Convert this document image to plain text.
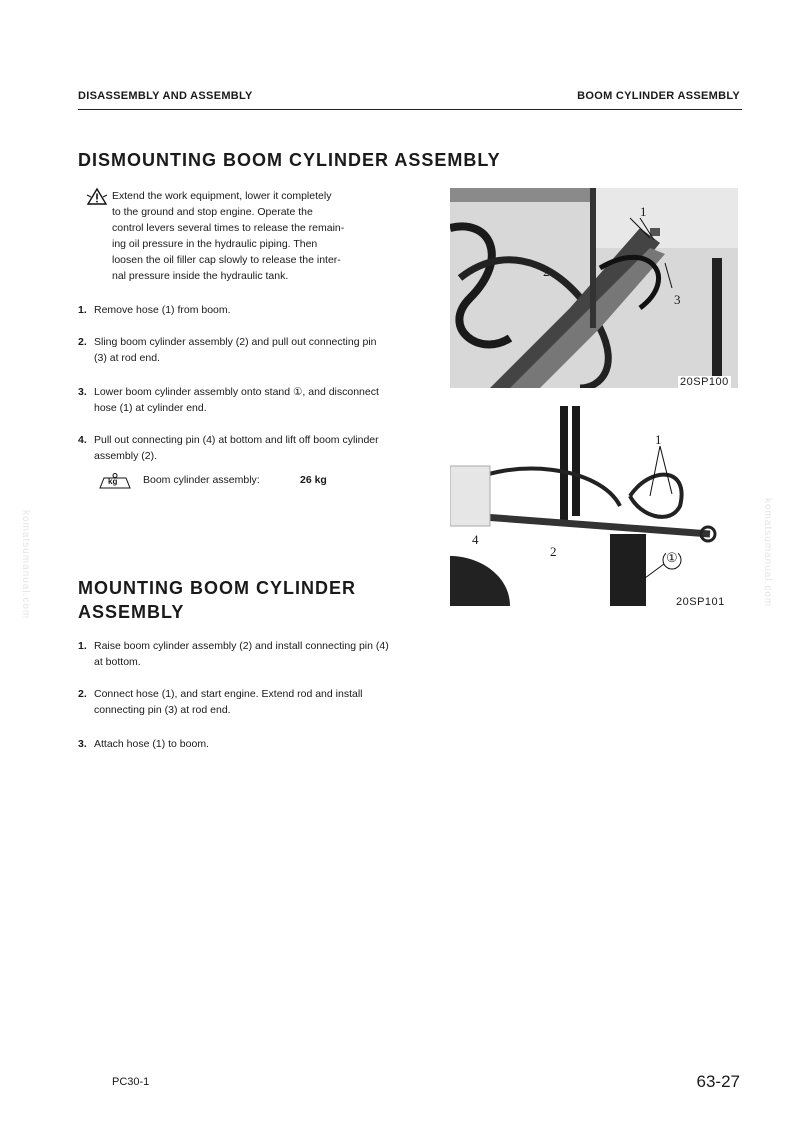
DISASSEMBLY AND ASSEMBLY	BOOM CYLINDER ASSEMBLY
DISMOUNTING BOOM CYLINDER ASSEMBLY
Extend the work equipment, lower it completely
to the ground and stop engine. Operate the
control levers several times to release the remain-
ing oil pressure in the hydraulic piping. Then
loosen the oil filler cap slowly to release the inter-
nal pressure inside the hydraulic tank.
1. Remove hose (1) from boom.
2. Sling boom cylinder assembly (2) and pull out connecting pin (3) at rod end.
3. Lower boom cylinder assembly onto stand ①, and disconnect hose (1) at cylinder end.
4. Pull out connecting pin (4) at bottom and lift off boom cylinder assembly (2).
kg Boom cylinder assembly:	26 kg
MOUNTING BOOM CYLINDER
ASSEMBLY
1. Raise boom cylinder assembly (2) and install connecting pin (4) at bottom.
2. Connect hose (1), and start engine. Extend rod and install connecting pin (3) at rod end.
3. Attach hose (1) to boom.
1
2
3
20SP100
1
2
4
①
20SP101
komatsumanual.com	komatsumanual.com
PC30-1	63-27
